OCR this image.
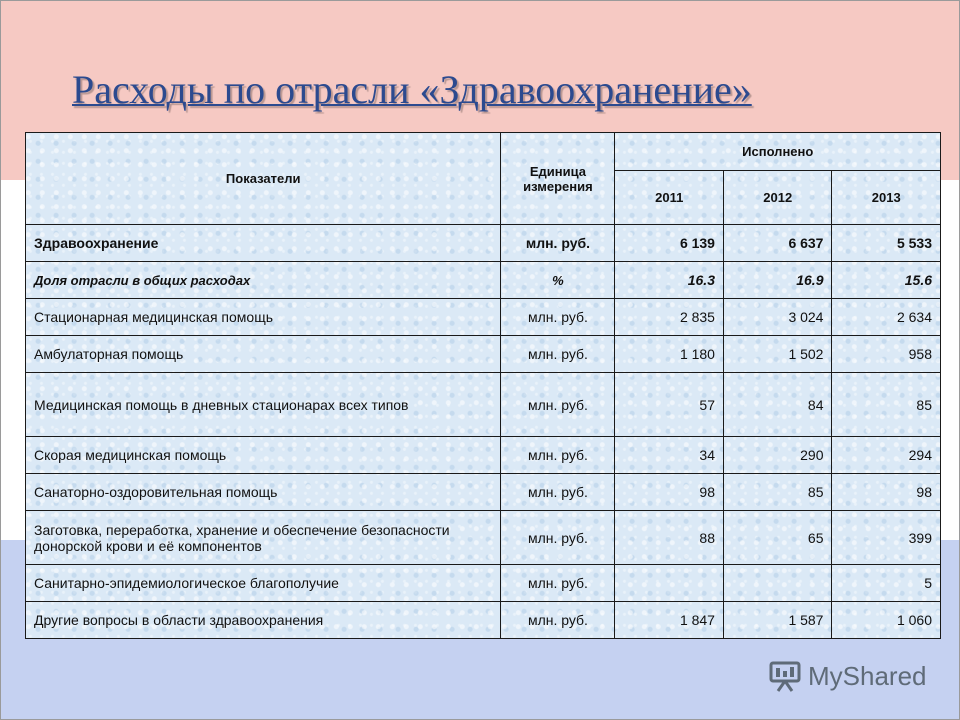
Расходы по отрасли «Здравоохранение»
Показатели	Единица измерения	Исполнено		
		2011	2012	2013
Здравоохранение	млн. руб.	6 139	6 637	5 533
Доля отрасли в общих расходах	%	16.3	16.9	15.6
Стационарная медицинская помощь	млн. руб.	2 835	3 024	2 634
Амбулаторная помощь	млн. руб.	1 180	1 502	958
Медицинская помощь в дневных стационарах всех типов	млн. руб.	57	84	85
Скорая медицинская помощь	млн. руб.	34	290	294
Санаторно-оздоровительная помощь	млн. руб.	98	85	98
Заготовка, переработка, хранение и обеспечение безопасности донорской крови и её компонентов	млн. руб.	88	65	399
Санитарно-эпидемиологическое благополучие	млн. руб.			5
Другие вопросы в области здравоохранения	млн. руб.	1 847	1 587	1 060
MyShared
